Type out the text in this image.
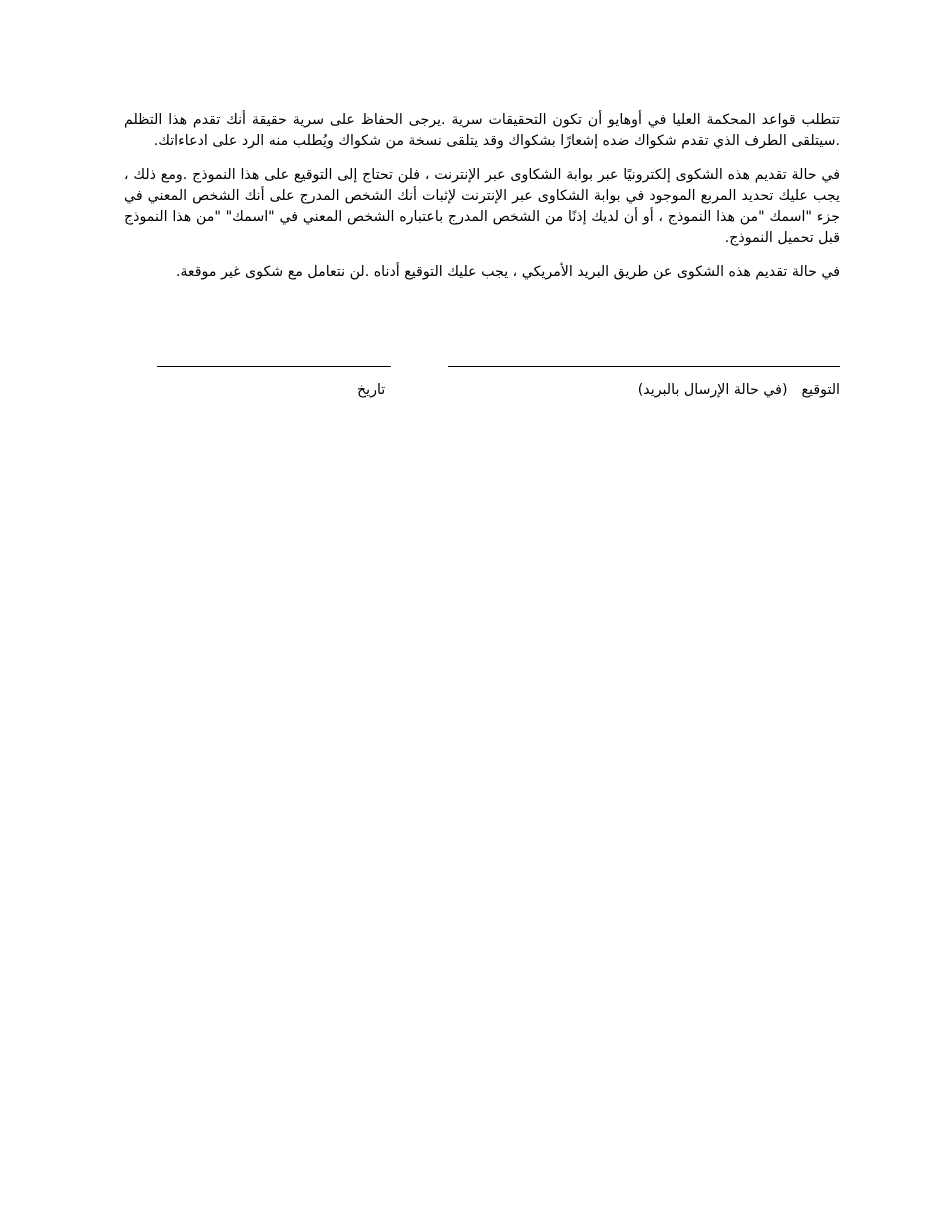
تتطلب قواعد المحكمة العليا في أوهايو أن تكون التحقيقات سرية .يرجى الحفاظ على سرية حقيقة أنك تقدم هذا التظلم .سيتلقى الطرف الذي تقدم شكواك ضده إشعارًا بشكواك وقد يتلقى نسخة من شكواك ويُطلب منه الرد على ادعاءاتك.

في حالة تقديم هذه الشكوى إلكترونيًا عبر بوابة الشكاوى عبر الإنترنت ، فلن تحتاج إلى التوقيع على هذا النموذج .ومع ذلك ، يجب عليك تحديد المربع الموجود في بوابة الشكاوى عبر الإنترنت لإثبات أنك الشخص المدرج على أنك الشخص المعني في جزء "اسمك "من هذا النموذج ، أو أن لديك إذنًا من الشخص المدرج باعتباره الشخص المعني في "اسمك" "من هذا النموذج قبل تحميل النموذج.

في حالة تقديم هذه الشكوى عن طريق البريد الأمريكي ، يجب عليك التوقيع أدناه .لن نتعامل مع شكوى غير موقعة.

التوقيع(في حالة الإرسال بالبريد)
تاريخ
